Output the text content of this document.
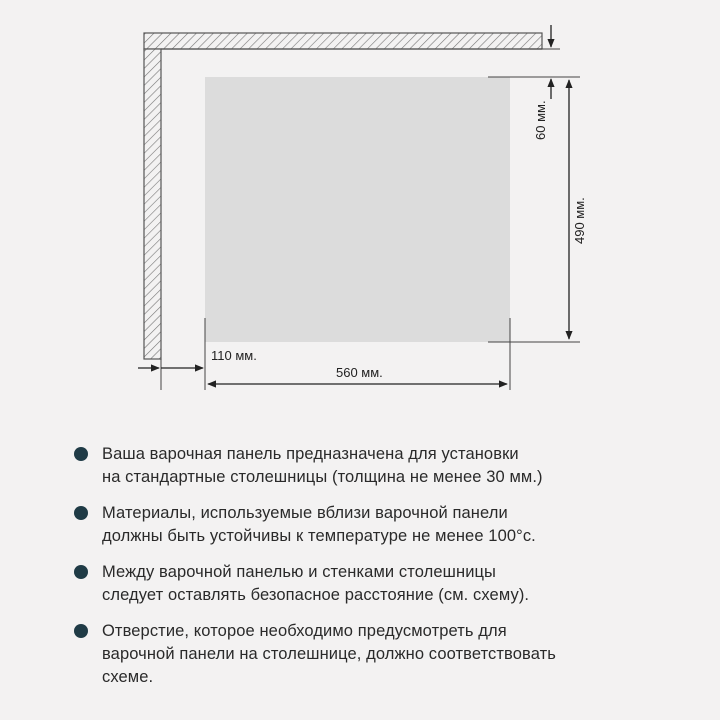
60 мм.
490 мм.
110 мм.
560 мм.
Ваша варочная панель предназначена для установки
на стандартные столешницы (толщина не менее 30 мм.)
Материалы, используемые вблизи варочной панели
должны быть устойчивы к температуре не менее 100°с.
Между варочной панелью и стенками столешницы
следует оставлять безопасное расстояние (см. схему).
Отверстие, которое необходимо предусмотреть для
варочной панели на столешнице, должно соответствовать
схеме.
